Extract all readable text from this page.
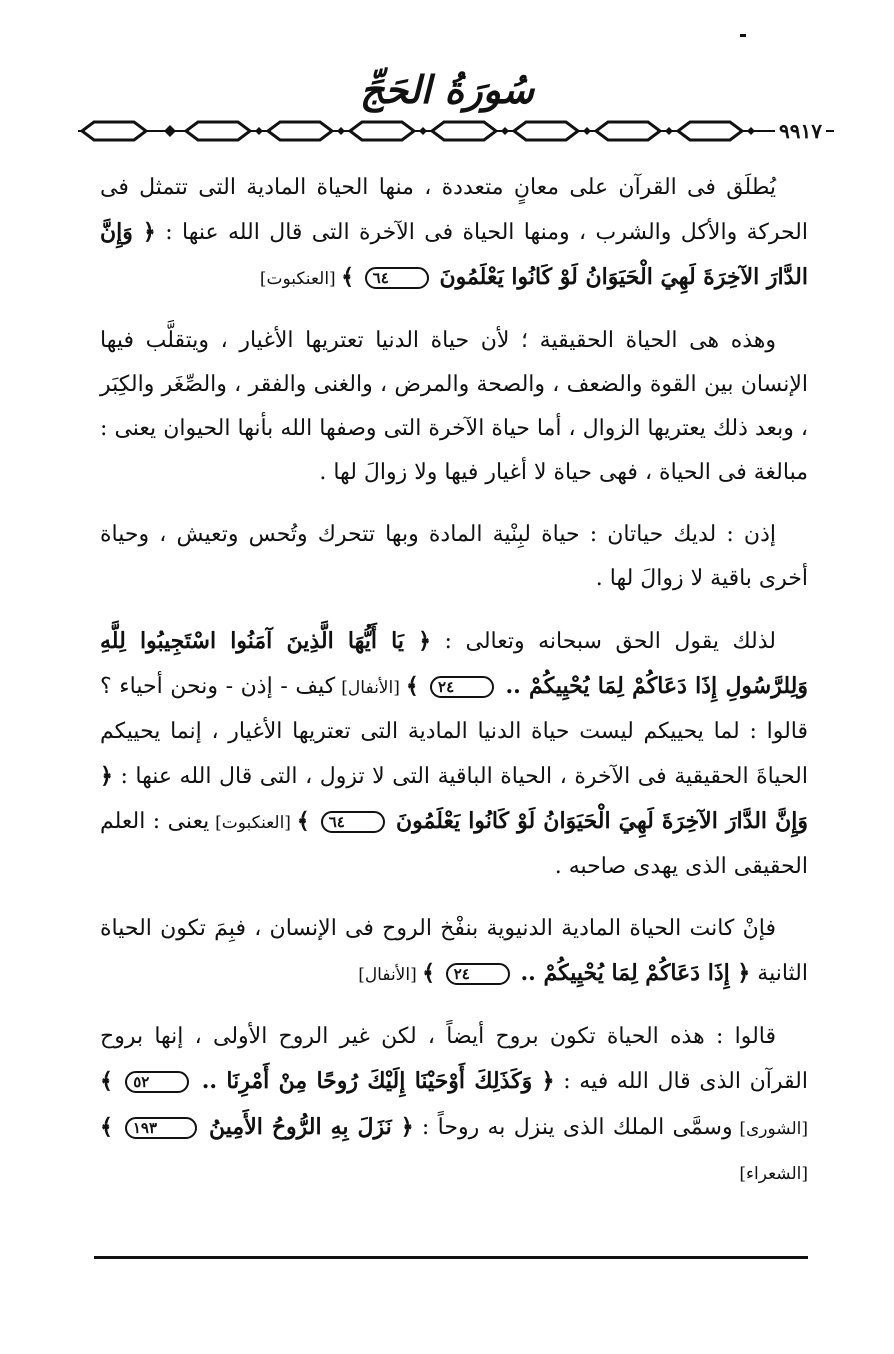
سُورَةُ الحَجِّ
٩٩١٧

يُطلَق فى القرآن على معانٍ متعددة ، منها الحياة المادية التى تتمثل فى الحركة والأكل والشرب ، ومنها الحياة فى الآخرة التى قال الله عنها : ﴿ وَإِنَّ الدَّارَ الآخِرَةَ لَهِيَ الْحَيَوَانُ لَوْ كَانُوا يَعْلَمُونَ ٦٤ ﴾ [العنكبوت]

وهذه هى الحياة الحقيقية ؛ لأن حياة الدنيا تعتريها الأغيار ، ويتقلَّب فيها الإنسان بين القوة والضعف ، والصحة والمرض ، والغنى والفقر ، والصِّغَر والكِبَر ، وبعد ذلك يعتريها الزوال ، أما حياة الآخرة التى وصفها الله بأنها الحيوان يعنى : مبالغة فى الحياة ، فهى حياة لا أغيار فيها ولا زوالَ لها .

إذن : لديك حياتان : حياة لبِنْية المادة وبها تتحرك وتُحس وتعيش ، وحياة أخرى باقية لا زوالَ لها .

لذلك يقول الحق سبحانه وتعالى : ﴿ يَا أَيُّهَا الَّذِينَ آمَنُوا اسْتَجِيبُوا لِلَّهِ وَلِلرَّسُولِ إِذَا دَعَاكُمْ لِمَا يُحْيِيكُمْ .. ٢٤ ﴾ [الأنفال] كيف - إذن - ونحن أحياء ؟ قالوا : لما يحييكم ليست حياة الدنيا المادية التى تعتريها الأغيار ، إنما يحييكم الحياةَ الحقيقية فى الآخرة ، الحياة الباقية التى لا تزول ، التى قال الله عنها : ﴿ وَإِنَّ الدَّارَ الآخِرَةَ لَهِيَ الْحَيَوَانُ لَوْ كَانُوا يَعْلَمُونَ ٦٤ ﴾ [العنكبوت] يعنى : العلم الحقيقى الذى يهدى صاحبه .

فإنْ كانت الحياة المادية الدنيوية بنفْخ الروح فى الإنسان ، فبِمَ تكون الحياة الثانية ﴿ إِذَا دَعَاكُمْ لِمَا يُحْيِيكُمْ .. ٢٤ ﴾ [الأنفال]

قالوا : هذه الحياة تكون بروح أيضاً ، لكن غير الروح الأولى ، إنها بروح القرآن الذى قال الله فيه : ﴿ وَكَذَلِكَ أَوْحَيْنَا إِلَيْكَ رُوحًا مِنْ أَمْرِنَا .. ٥٢ ﴾ [الشورى] وسمَّى الملك الذى ينزل به روحاً : ﴿ نَزَلَ بِهِ الرُّوحُ الأَمِينُ ١٩٣ ﴾ [الشعراء]
